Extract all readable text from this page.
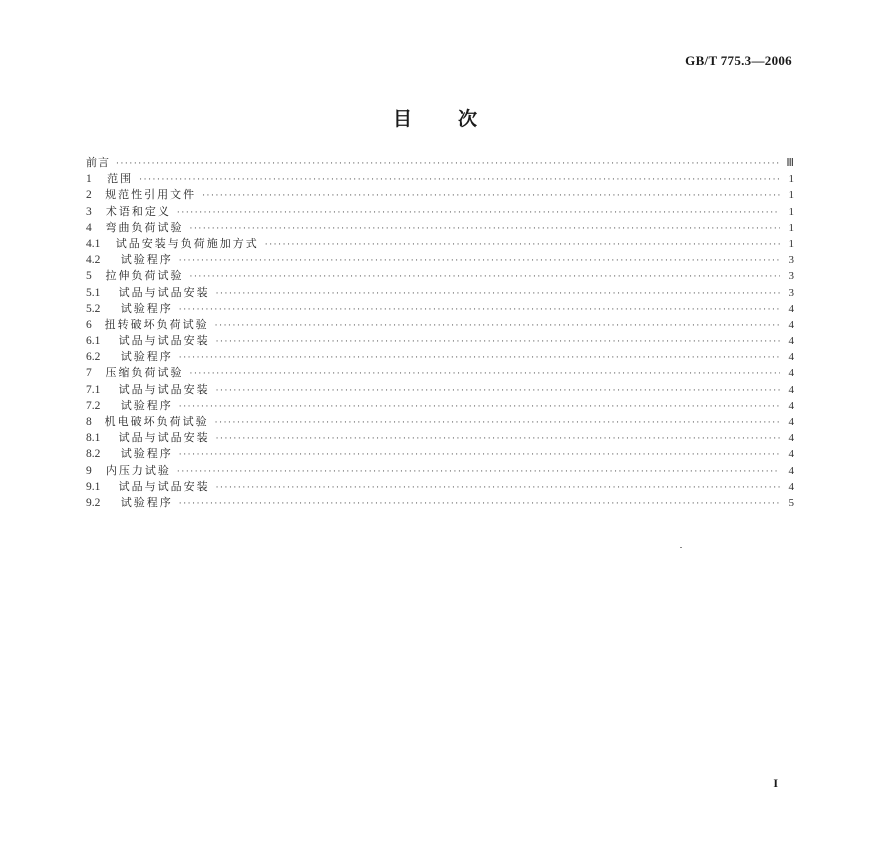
GB/T 775.3—2006
目 次
前言 ·····	Ⅲ
1	范围 ·····	1
2	规范性引用文件 ·····	1
3	术语和定义 ·····	1
4	弯曲负荷试验 ·····	1
4.1	试品安装与负荷施加方式 ·····	1
4.2	试验程序 ·····	3
5	拉伸负荷试验 ·····	3
5.1	试品与试品安装 ·····	3
5.2	试验程序 ·····	4
6	扭转破坏负荷试验 ·····	4
6.1	试品与试品安装 ·····	4
6.2	试验程序 ·····	4
7	压缩负荷试验 ·····	4
7.1	试品与试品安装 ·····	4
7.2	试验程序 ·····	4
8	机电破坏负荷试验 ·····	4
8.1	试品与试品安装 ·····	4
8.2	试验程序 ·····	4
9	内压力试验 ·····	4
9.1	试品与试品安装 ·····	4
9.2	试验程序 ·····	5
I
